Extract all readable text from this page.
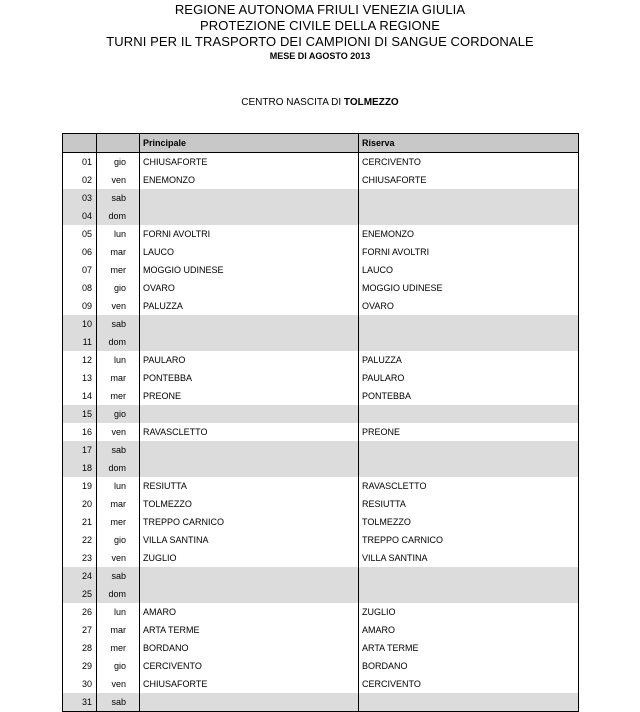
REGIONE AUTONOMA FRIULI VENEZIA GIULIA
PROTEZIONE CIVILE DELLA REGIONE
TURNI PER IL TRASPORTO DEI CAMPIONI DI SANGUE CORDONALE
MESE DI AGOSTO 2013
CENTRO NASCITA DI TOLMEZZO
		Principale	Riserva
01	gio	CHIUSAFORTE	CERCIVENTO
02	ven	ENEMONZO	CHIUSAFORTE
03	sab		
04	dom		
05	lun	FORNI AVOLTRI	ENEMONZO
06	mar	LAUCO	FORNI AVOLTRI
07	mer	MOGGIO UDINESE	LAUCO
08	gio	OVARO	MOGGIO UDINESE
09	ven	PALUZZA	OVARO
10	sab		
11	dom		
12	lun	PAULARO	PALUZZA
13	mar	PONTEBBA	PAULARO
14	mer	PREONE	PONTEBBA
15	gio		
16	ven	RAVASCLETTO	PREONE
17	sab		
18	dom		
19	lun	RESIUTTA	RAVASCLETTO
20	mar	TOLMEZZO	RESIUTTA
21	mer	TREPPO CARNICO	TOLMEZZO
22	gio	VILLA SANTINA	TREPPO CARNICO
23	ven	ZUGLIO	VILLA SANTINA
24	sab		
25	dom		
26	lun	AMARO	ZUGLIO
27	mar	ARTA TERME	AMARO
28	mer	BORDANO	ARTA TERME
29	gio	CERCIVENTO	BORDANO
30	ven	CHIUSAFORTE	CERCIVENTO
31	sab		
